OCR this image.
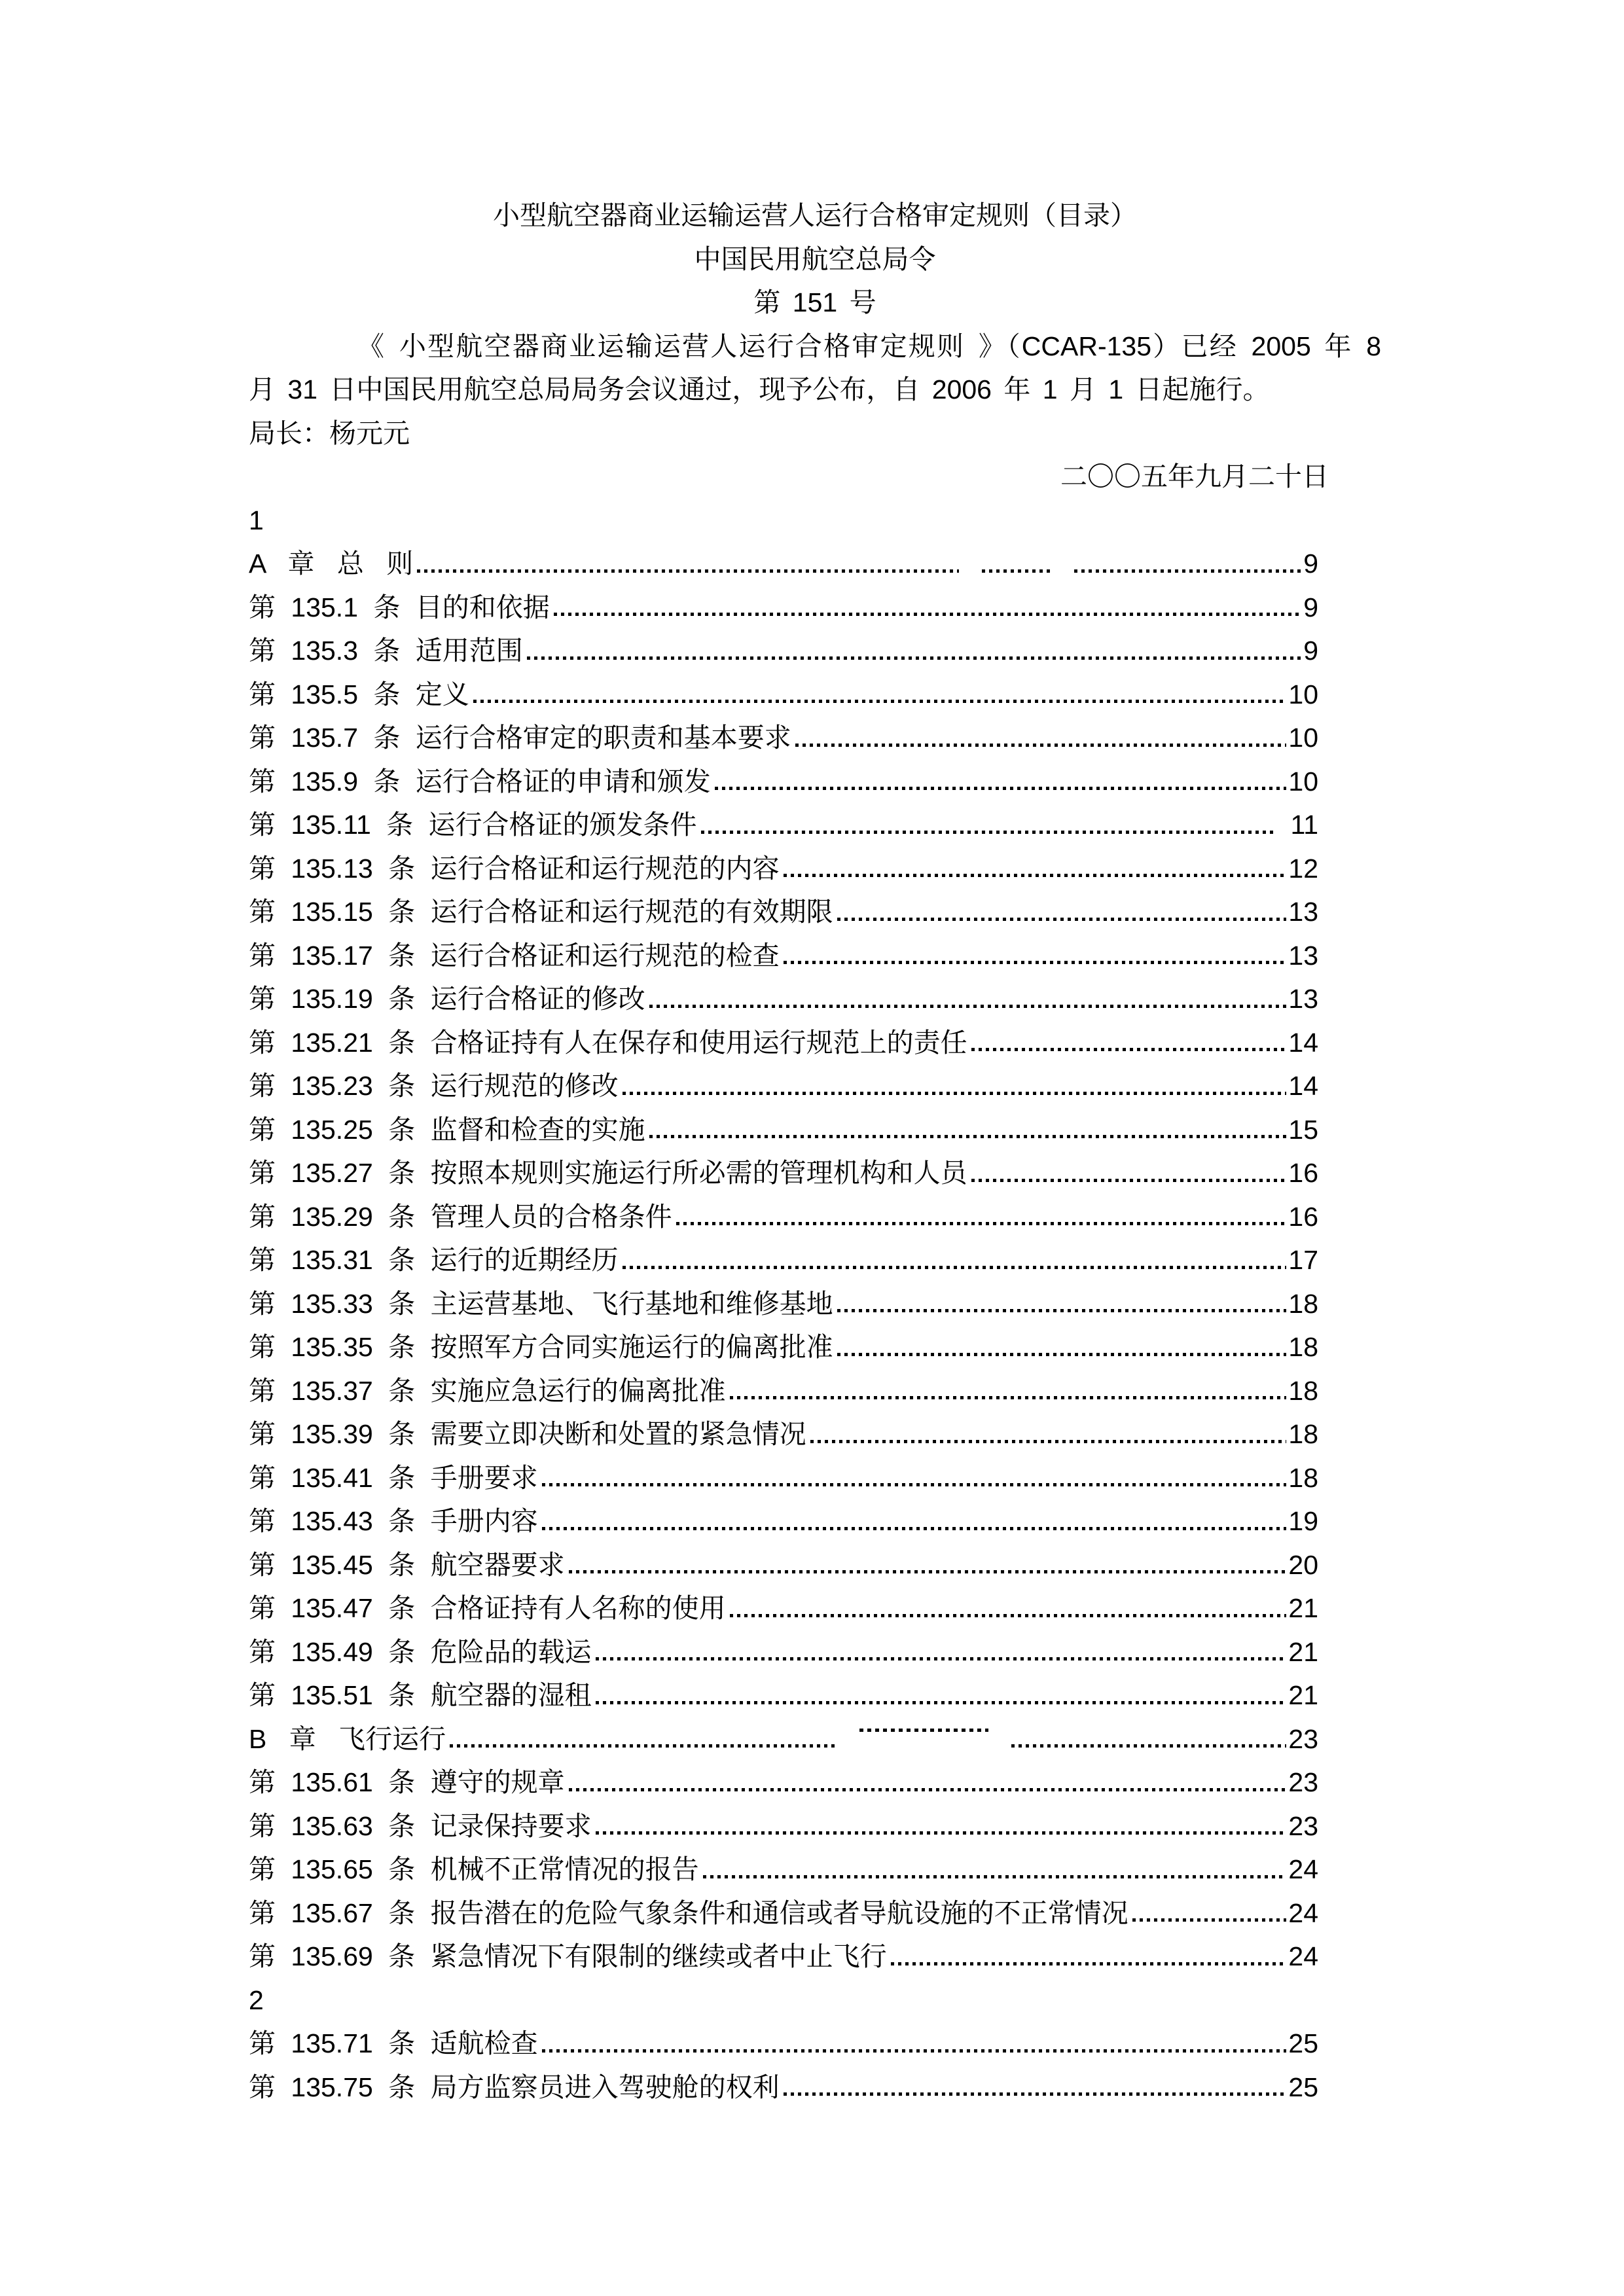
小型航空器商业运输运营人运行合格审定规则（目录）
中国民用航空总局令
第 151 号
《 小型航空器商业运输运营人运行合格审定规则 》（CCAR-135）已经 2005 年 8
月 31 日中国民用航空总局局务会议通过，现予公布，自 2006 年 1 月 1 日起施行。
局长：杨元元
二〇〇五年九月二十日
1
A 章 总 则	9
第 135.1 条 目的和依据	9
第 135.3 条 适用范围	9
第 135.5 条 定义	10
第 135.7 条 运行合格审定的职责和基本要求	10
第 135.9 条 运行合格证的申请和颁发	10
第 135.11 条 运行合格证的颁发条件	11
第 135.13 条 运行合格证和运行规范的内容	12
第 135.15 条 运行合格证和运行规范的有效期限	13
第 135.17 条 运行合格证和运行规范的检查	13
第 135.19 条 运行合格证的修改	13
第 135.21 条 合格证持有人在保存和使用运行规范上的责任	14
第 135.23 条 运行规范的修改	14
第 135.25 条 监督和检查的实施	15
第 135.27 条 按照本规则实施运行所必需的管理机构和人员	16
第 135.29 条 管理人员的合格条件	16
第 135.31 条 运行的近期经历	17
第 135.33 条 主运营基地、飞行基地和维修基地	18
第 135.35 条 按照军方合同实施运行的偏离批准	18
第 135.37 条 实施应急运行的偏离批准	18
第 135.39 条 需要立即决断和处置的紧急情况	18
第 135.41 条 手册要求	18
第 135.43 条 手册内容	19
第 135.45 条 航空器要求	20
第 135.47 条 合格证持有人名称的使用	21
第 135.49 条 危险品的载运	21
第 135.51 条 航空器的湿租	21
B 章 飞行运行	23
第 135.61 条 遵守的规章	23
第 135.63 条 记录保持要求	23
第 135.65 条 机械不正常情况的报告	24
第 135.67 条 报告潜在的危险气象条件和通信或者导航设施的不正常情况	24
第 135.69 条 紧急情况下有限制的继续或者中止飞行	24
2
第 135.71 条 适航检查	25
第 135.75 条 局方监察员进入驾驶舱的权利	25
